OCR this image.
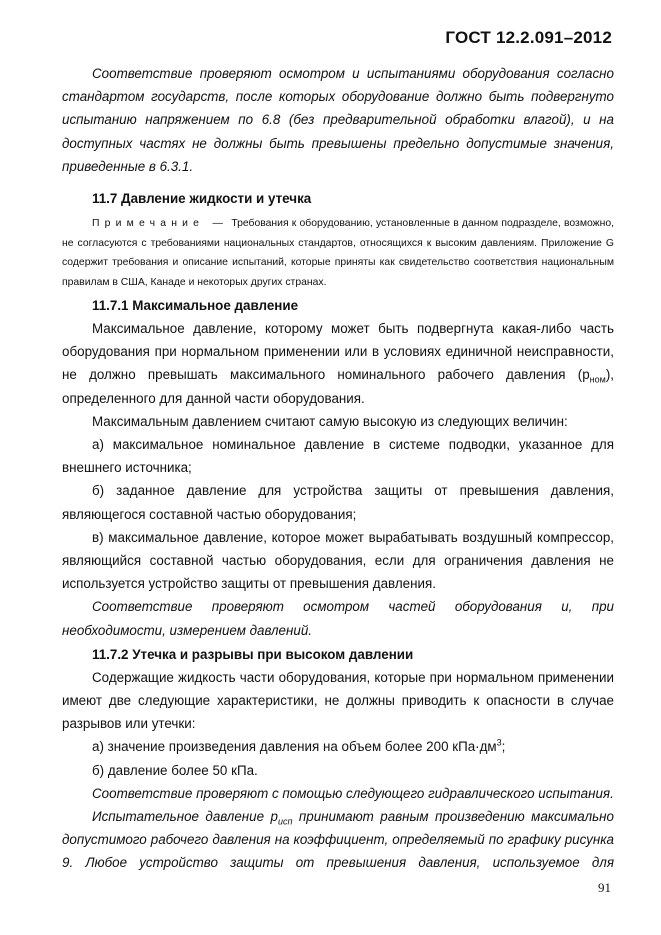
ГОСТ 12.2.091–2012

Соответствие проверяют осмотром и испытаниями оборудования согласно стандартом государств, после которых оборудование должно быть подвергнуто испытанию напряжением по 6.8 (без предварительной обработки влагой), и на доступных частях не должны быть превышены предельно допустимые значения, приведенные в 6.3.1.

11.7 Давление жидкости и утечка

Примечание — Требования к оборудованию, установленные в данном подразделе, возможно, не согласуются с требованиями национальных стандартов, относящихся к высоким давлениям. Приложение G содержит требования и описание испытаний, которые приняты как свидетельство соответствия национальным правилам в США, Канаде и некоторых других странах.

11.7.1 Максимальное давление

Максимальное давление, которому может быть подвергнута какая-либо часть оборудования при нормальном применении или в условиях единичной неисправности, не должно превышать максимального номинального рабочего давления $(р_{ном})$, определенного для данной части оборудования.

Максимальным давлением считают самую высокую из следующих величин:

а) максимальное номинальное давление в системе подводки, указанное для внешнего источника;

б) заданное давление для устройства защиты от превышения давления, являющегося составной частью оборудования;

в) максимальное давление, которое может вырабатывать воздушный компрессор, являющийся составной частью оборудования, если для ограничения давления не используется устройство защиты от превышения давления.

Соответствие проверяют осмотром частей оборудования и, при необходимости, измерением давлений.

11.7.2 Утечка и разрывы при высоком давлении

Содержащие жидкость части оборудования, которые при нормальном применении имеют две следующие характеристики, не должны приводить к опасности в случае разрывов или утечки:

а) значение произведения давления на объем более 200 $кПа\cdot дм^3$;

б) давление более 50 кПа.

Соответствие проверяют с помощью следующего гидравлического испытания.

Испытательное давление $р_{исп}$ принимают равным произведению максимально допустимого рабочего давления на коэффициент, определяемый по графику рисунка 9. Любое устройство защиты от превышения давления, используемое для

91
